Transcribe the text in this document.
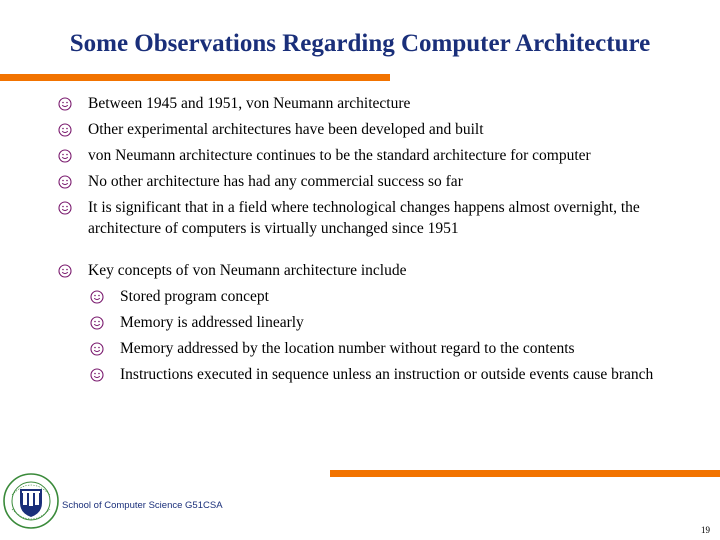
Some Observations Regarding Computer Architecture
Between 1945 and 1951, von Neumann architecture
Other experimental architectures have been developed and built
von Neumann architecture continues to be the standard architecture for computer
No other architecture has had any commercial success so far
It is significant that in a field where technological changes happens almost overnight, the architecture of computers is virtually unchanged since 1951
Key concepts of von Neumann architecture include
Stored program concept
Memory is addressed linearly
Memory addressed by the location number without regard to the contents
Instructions executed in sequence unless an instruction or outside events cause branch
School of Computer Science G51CSA
19
